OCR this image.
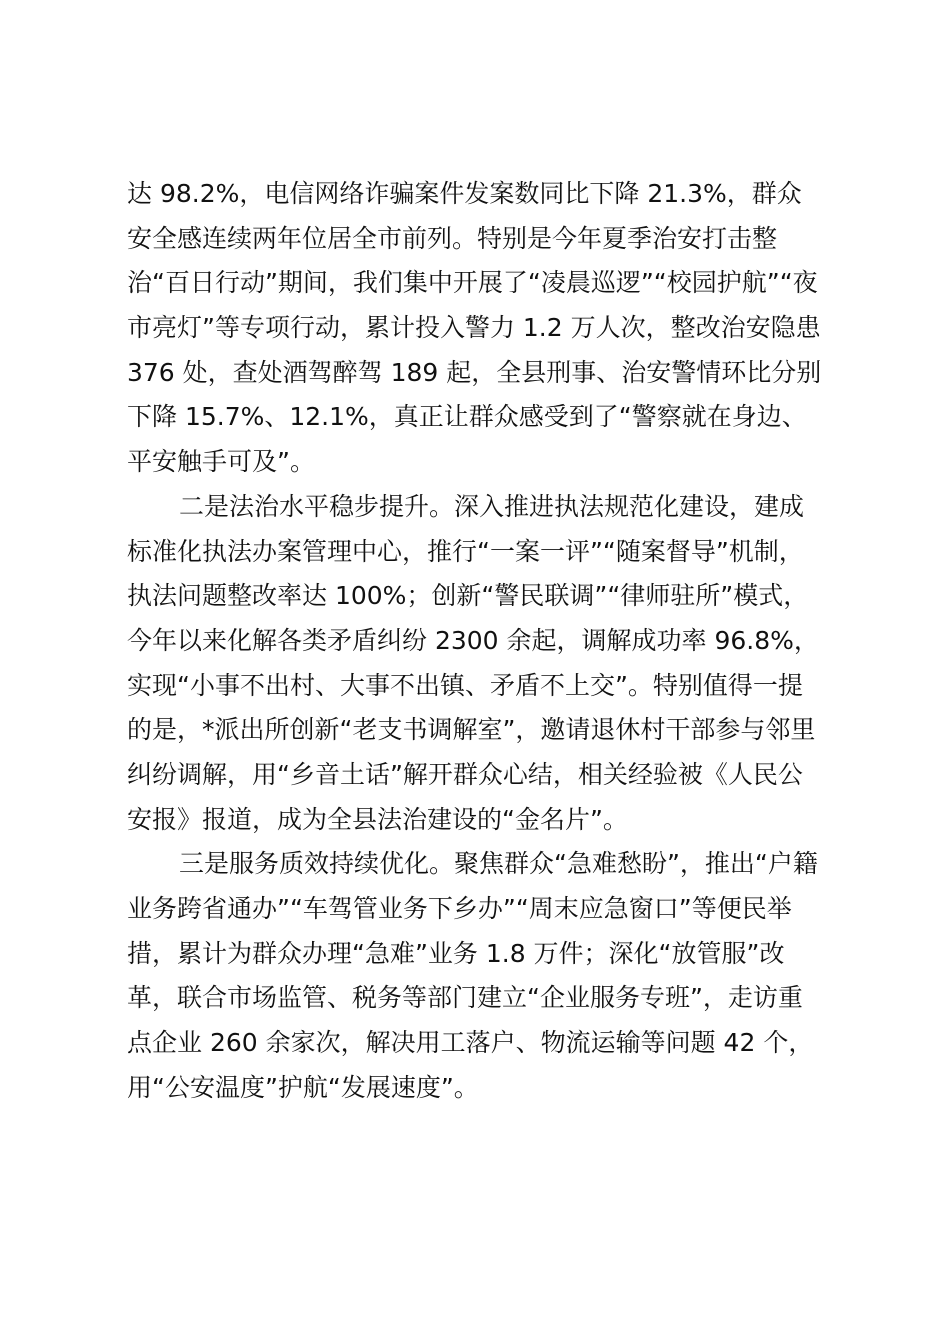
达 98.2%，电信网络诈骗案件发案数同比下降 21.3%，群众
安全感连续两年位居全市前列。特别是今年夏季治安打击整
治“百日行动”期间，我们集中开展了“凌晨巡逻”“校园护航”“夜
市亮灯”等专项行动，累计投入警力 1.2 万人次，整改治安隐患
376 处，查处酒驾醉驾 189 起，全县刑事、治安警情环比分别
下降 15.7%、12.1%，真正让群众感受到了“警察就在身边、
平安触手可及”。
二是法治水平稳步提升。深入推进执法规范化建设，建成
标准化执法办案管理中心，推行“一案一评”“随案督导”机制，
执法问题整改率达 100%；创新“警民联调”“律师驻所”模式，
今年以来化解各类矛盾纠纷 2300 余起，调解成功率 96.8%，
实现“小事不出村、大事不出镇、矛盾不上交”。特别值得一提
的是，*派出所创新“老支书调解室”，邀请退休村干部参与邻里
纠纷调解，用“乡音土话”解开群众心结，相关经验被《人民公
安报》报道，成为全县法治建设的“金名片”。
三是服务质效持续优化。聚焦群众“急难愁盼”，推出“户籍
业务跨省通办”“车驾管业务下乡办”“周末应急窗口”等便民举
措，累计为群众办理“急难”业务 1.8 万件；深化“放管服”改
革，联合市场监管、税务等部门建立“企业服务专班”，走访重
点企业 260 余家次，解决用工落户、物流运输等问题 42 个，
用“公安温度”护航“发展速度”。
